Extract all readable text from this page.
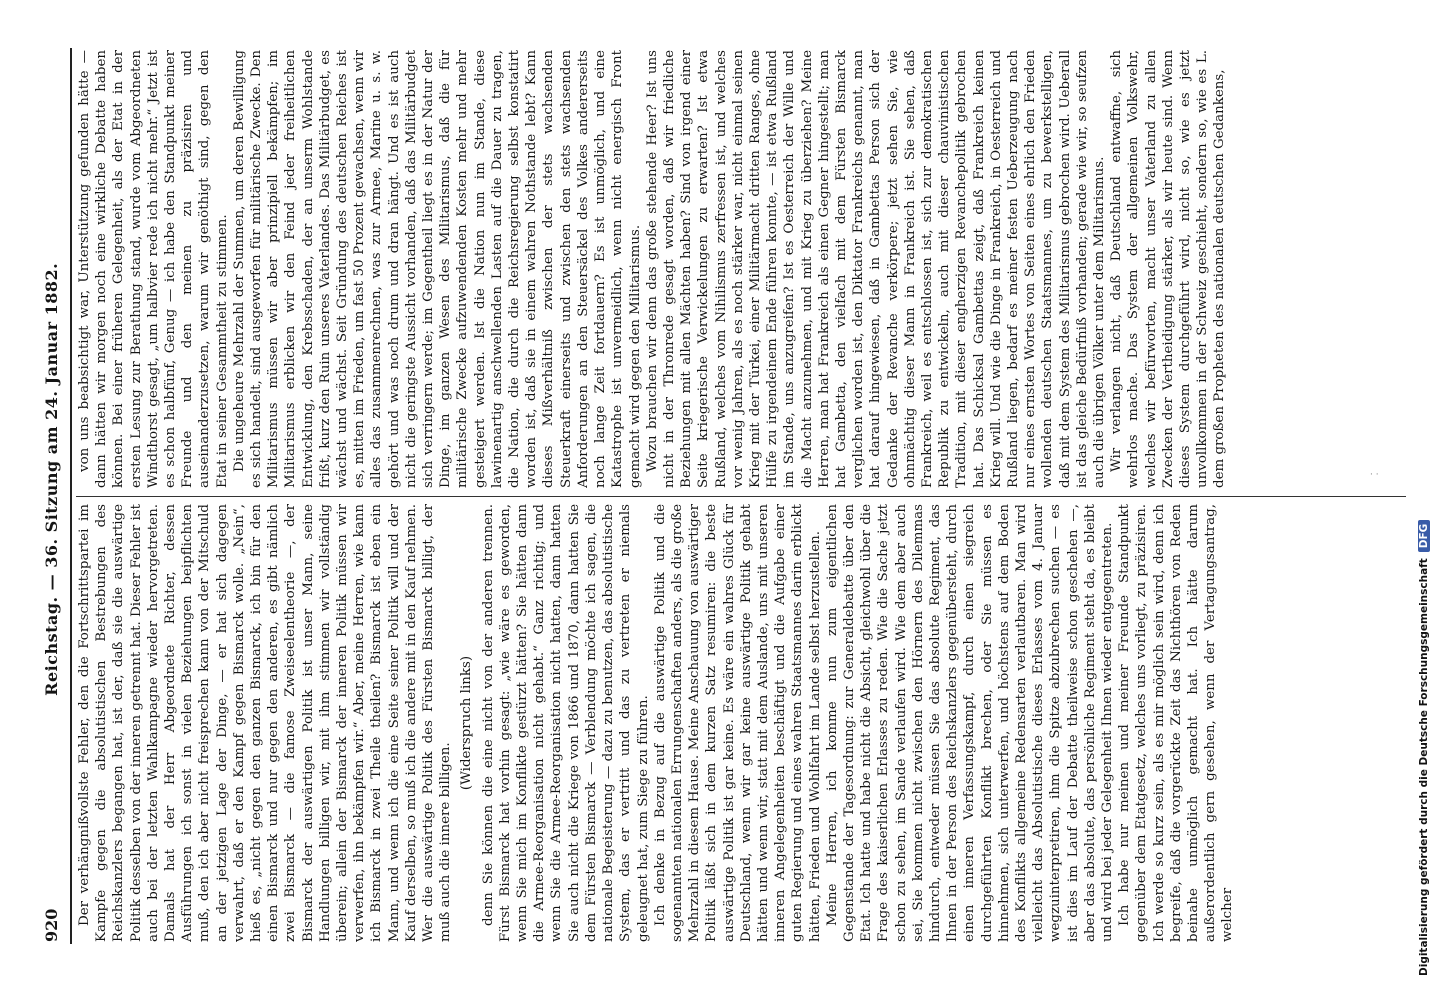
920
Reichstag. — 36. Sitzung am 24. Januar 1882.

Der verhängnißvollste Fehler, den die Fortschrittspartei im Kampfe gegen die absolutistischen Bestrebungen des Reichskanzlers begangen hat, ist der, daß sie die auswärtige Politik desselben von der inneren getrennt hat. Dieser Fehler ist auch bei der letzten Wahlkampagne wieder hervorgetreten. Damals hat der Herr Abgeordnete Richter, dessen Ausführungen ich sonst in vielen Beziehungen beipflichten muß, den ich aber nicht freisprechen kann von der Mitschuld an der jetzigen Lage der Dinge, — er hat sich dagegen verwahrt, daß er den Kampf gegen Bismarck wolle. „Nein“, hieß es, „nicht gegen den ganzen Bismarck, ich bin für den einen Bismarck und nur gegen den anderen, es gibt nämlich zwei Bismarck — die famose Zweiseelentheorie —, der Bismarck der auswärtigen Politik ist unser Mann, seine Handlungen billigen wir, mit ihm stimmen wir vollständig überein; allein der Bismarck der inneren Politik müssen wir verwerfen, ihn bekämpfen wir.“ Aber, meine Herren, wie kann ich Bismarck in zwei Theile theilen? Bismarck ist eben ein Mann, und wenn ich die eine Seite seiner Politik will und der Kauf derselben, so muß ich die andere mit in den Kauf nehmen. Wer die auswärtige Politik des Fürsten Bismarck billigt, der muß auch die innere billigen.

(Widerspruch links) denn Sie können die eine nicht von der anderen trennen. Fürst Bismarck hat vorhin gesagt: „wie wäre es geworden, wenn Sie mich im Konflikte gestürzt hätten? Sie hätten dann die Armee-Reorganisation nicht gehabt.“ Ganz richtig; und wenn Sie die Armee-Reorganisation nicht hatten, dann hatten Sie auch nicht die Kriege von 1866 und 1870, dann hatten Sie dem Fürsten Bismarck — Verblendung möchte ich sagen, die nationale Begeisterung — dazu zu benutzen, das absolutistische System, das er vertritt und das zu vertreten er niemals geleugnet hat, zum Siege zu führen. Ich denke in Bezug auf die auswärtige Politik und die sogenannten nationalen Errungenschaften anders, als die große Mehrzahl in diesem Hause. Meine Anschauung von auswärtiger Politik läßt sich in dem kurzen Satz resumiren: die beste auswärtige Politik ist gar keine. Es wäre ein wahres Glück für Deutschland, wenn wir gar keine auswärtige Politik gehabt hätten und wenn wir, statt mit dem Auslande, uns mit unseren inneren Angelegenheiten beschäftigt und die Aufgabe einer guten Regierung und eines wahren Staatsmannes darin erblickt hätten, Frieden und Wohlfahrt im Lande selbst herzustellen. Meine Herren, ich komme nun zum eigentlichen Gegenstande der Tagesordnung: zur Generaldebatte über den Etat. Ich hatte und habe nicht die Absicht, gleichwohl über die Frage des kaiserlichen Erlasses zu reden. Wie die Sache jetzt schon zu sehen, im Sande verlaufen wird. Wie dem aber auch sei, Sie kommen nicht zwischen den Hörnern des Dilemmas hindurch, entweder müssen Sie das absolute Regiment, das Ihnen in der Person des Reichskanzlers gegenübersteht, durch einen inneren Verfassungskampf, durch einen siegreich durchgeführten Konflikt brechen, oder Sie müssen es hinnehmen, sich unterwerfen, und höchstens auf dem Boden des Konflikts allgemeine Redensarten verlautbaren. Man wird vielleicht das Absolutistische dieses Erlasses vom 4. Januar wegzuinterpretiren, ihm die Spitze abzubrechen suchen — es ist dies im Lauf der Debatte theilweise schon geschehen —, aber das absolute, das persönliche Regiment steht da, es bleibt und wird bei jeder Gelegenheit Ihnen wieder entgegentreten. Ich habe nur meinen und meiner Freunde Standpunkt gegenüber dem Etatgesetz, welches uns vorliegt, zu präzisiren. Ich werde so kurz sein, als es mir möglich sein wird, denn ich begreife, daß die vorgerückte Zeit das Nichthören von Reden beinahe unmöglich gemacht hat. Ich hätte darum außerordentlich gern gesehen, wenn der Vertagungsantrag, welcher

von uns beabsichtigt war, Unterstützung gefunden hätte — dann hätten wir morgen noch eine wirkliche Debatte haben können. Bei einer früheren Gelegenheit, als der Etat in der ersten Lesung zur Berathung stand, wurde vom Abgeordneten Windthorst gesagt, „um halbvier rede ich nicht mehr.“ Jetzt ist es schon halbfünf, Genug — ich habe den Standpunkt meiner Freunde und den meinen zu präzisiren und auseinanderzusetzen, warum wir genöthigt sind, gegen den Etat in seiner Gesammtheit zu stimmen. Die ungeheure Mehrzahl der Summen, um deren Bewilligung es sich handelt, sind ausgeworfen für militärische Zwecke. Den Militarismus müssen wir aber prinzipiell bekämpfen; im Militarismus erblicken wir den Feind jeder freiheitlichen Entwicklung, den Krebsschaden, der an unserm Wohlstande frißt, kurz den Ruin unseres Vaterlandes. Das Militärbudget, es wächst und wächst. Seit Gründung des deutschen Reiches ist es, mitten im Frieden, um fast 50 Prozent gewachsen, wenn wir alles das zusammenrechnen, was zur Armee, Marine u. s. w. gehört und was noch drum und dran hängt. Und es ist auch nicht die geringste Aussicht vorhanden, daß das Militärbudget sich verringern werde; im Gegentheil liegt es in der Natur der Dinge, im ganzen Wesen des Militarismus, daß die für militärische Zwecke aufzuwendenden Kosten mehr und mehr gesteigert werden. Ist die Nation nun im Stande, diese lawinenartig anschwellenden Lasten auf die Dauer zu tragen, die Nation, die durch die Reichsregierung selbst konstatirt worden ist, daß sie in einem wahren Nothstande lebt? Kann dieses Mißverhältniß zwischen der stets wachsenden Steuerkraft einerseits und zwischen den stets wachsenden Anforderungen an den Steuersäckel des Volkes andererseits noch lange Zeit fortdauern? Es ist unmöglich, und eine Katastrophe ist unvermeidlich, wenn nicht energisch Front gemacht wird gegen den Militarismus. Wozu brauchen wir denn das große stehende Heer? Ist uns nicht in der Thronrede gesagt worden, daß wir friedliche Beziehungen mit allen Mächten haben? Sind von irgend einer Seite kriegerische Verwickelungen zu erwarten? Ist etwa Rußland, welches vom Nihilismus zerfressen ist, und welches vor wenig Jahren, als es noch stärker war, nicht einmal seinen Krieg mit der Türkei, einer Militärmacht dritten Ranges, ohne Hülfe zu irgendeinem Ende führen konnte, — ist etwa Rußland im Stande, uns anzugreifen? Ist es Oesterreich der Wille und die Macht anzunehmen, und mit Krieg zu überziehen? Meine Herren, man hat Frankreich als einen Gegner hingestellt; man hat Gambetta, den vielfach mit dem Fürsten Bismarck verglichen worden ist, den Diktator Frankreichs genannt, man hat darauf hingewiesen, daß in Gambettas Person sich der Gedanke der Revanche verkörpere; jetzt sehen Sie, wie ohnmächtig dieser Mann in Frankreich ist. Sie sehen, daß Frankreich, weil es entschlossen ist, sich zur demokratischen Republik zu entwickeln, auch mit dieser chauvinistischen Tradition, mit dieser engherzigen Revanchepolitik gebrochen hat. Das Schicksal Gambettas zeigt, daß Frankreich keinen Krieg will. Und wie die Dinge in Frankreich, in Oesterreich und Rußland liegen, bedarf es meiner festen Ueberzeugung nach nur eines ernsten Wortes von Seiten eines ehrlich den Frieden wollenden deutschen Staatsmannes, um zu bewerkstelligen, daß mit dem System des Militarismus gebrochen wird. Ueberall ist das gleiche Bedürfniß vorhanden; gerade wie wir, so seufzen auch die übrigen Völker unter dem Militarismus. Wir verlangen nicht, daß Deutschland entwaffne, sich wehrlos mache. Das System der allgemeinen Volkswehr, welches wir befürworten, macht unser Vaterland zu allen Zwecken der Vertheidigung stärker, als wir heute sind. Wenn dieses System durchgeführt wird, nicht so, wie es jetzt unvollkommen in der Schweiz geschieht, sondern so, wie es L. dem großen Propheten des nationalen deutschen Gedankens,	· ·
Digitalisierung gefördert durch die Deutsche ForschungsgemeinschaftDFG
